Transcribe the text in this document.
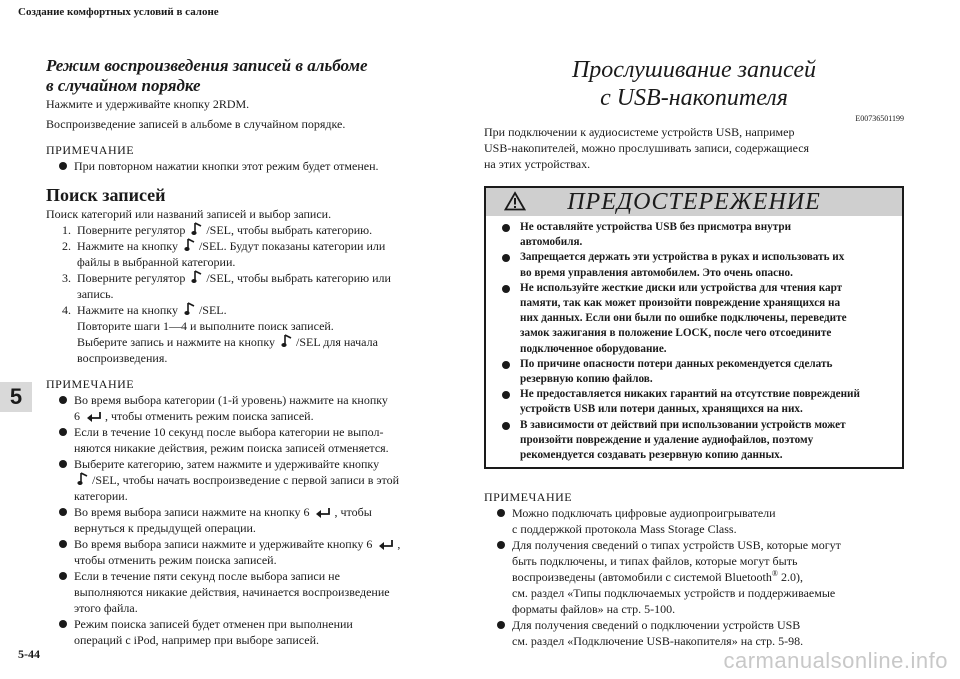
Создание комфортных условий в салоне
5
Режим воспроизведения записей в альбоме
в случайном порядке

Нажмите и удерживайте кнопку 2RDM.

Воспроизведение записей в альбоме в случайном порядке.

ПРИМЕЧАНИЕ

При повторном нажатии кнопки этот режим будет отменен.
Поиск записей

Поиск категорий или названий записей и выбор записи.

1. Поверните регулятор /SEL, чтобы выбрать категорию.
2. Нажмите на кнопку /SEL. Будут показаны категории или
файлы в выбранной категории.
3. Поверните регулятор /SEL, чтобы выбрать категорию или
запись.
4. Нажмите на кнопку /SEL.
Повторите шаги 1—4 и выполните поиск записей.
Выберите запись и нажмите на кнопку /SEL для начала
воспроизведения.

ПРИМЕЧАНИЕ

Во время выбора категории (1-й уровень) нажмите на кнопку
6 , чтобы отменить режим поиска записей.
Если в течение 10 секунд после выбора категории не выпол-
няются никакие действия, режим поиска записей отменяется.
Выберите категорию, затем нажмите и удерживайте кнопку
/SEL, чтобы начать воспроизведение с первой записи в этой
категории.
Во время выбора записи нажмите на кнопку 6 , чтобы
вернуться к предыдущей операции.
Во время выбора записи нажмите и удерживайте кнопку 6 ,
чтобы отменить режим поиска записей.
Если в течение пяти секунд после выбора записи не
выполняются никакие действия, начинается воспроизведение
этого файла.
Режим поиска записей будет отменен при выполнении
операций с iPod, например при выборе записей.
Прослушивание записей
с USB-накопителя
E00736501199

При подключении к аудиосистеме устройств USB, например

USB-накопителей, можно прослушивать записи, содержащиеся

на этих устройствах.

ПРЕДОСТЕРЕЖЕНИЕ
Не оставляйте устройства USB без присмотра внутри
автомобиля.
Запрещается держать эти устройства в руках и использовать их
во время управления автомобилем. Это очень опасно.
Не используйте жесткие диски или устройства для чтения карт
памяти, так как может произойти повреждение хранящихся на
них данных. Если они были по ошибке подключены, переведите
замок зажигания в положение LOCK, после чего отсоедините
подключенное оборудование.
По причине опасности потери данных рекомендуется сделать
резервную копию файлов.
Не предоставляется никаких гарантий на отсутствие повреждений
устройств USB или потери данных, хранящихся на них.
В зависимости от действий при использовании устройств может
произойти повреждение и удаление аудиофайлов, поэтому
рекомендуется создавать резервную копию данных.

ПРИМЕЧАНИЕ

Можно подключать цифровые аудиопроигрыватели
с поддержкой протокола Mass Storage Class.
Для получения сведений о типах устройств USB, которые могут
быть подключены, и типах файлов, которые могут быть
воспроизведены (автомобили с системой Bluetooth® 2.0),
см. раздел «Типы подключаемых устройств и поддерживаемые
форматы файлов» на стр. 5-100.
Для получения сведений о подключении устройств USB
см. раздел «Подключение USB-накопителя» на стр. 5-98.
5-44	carmanualsonline.info
